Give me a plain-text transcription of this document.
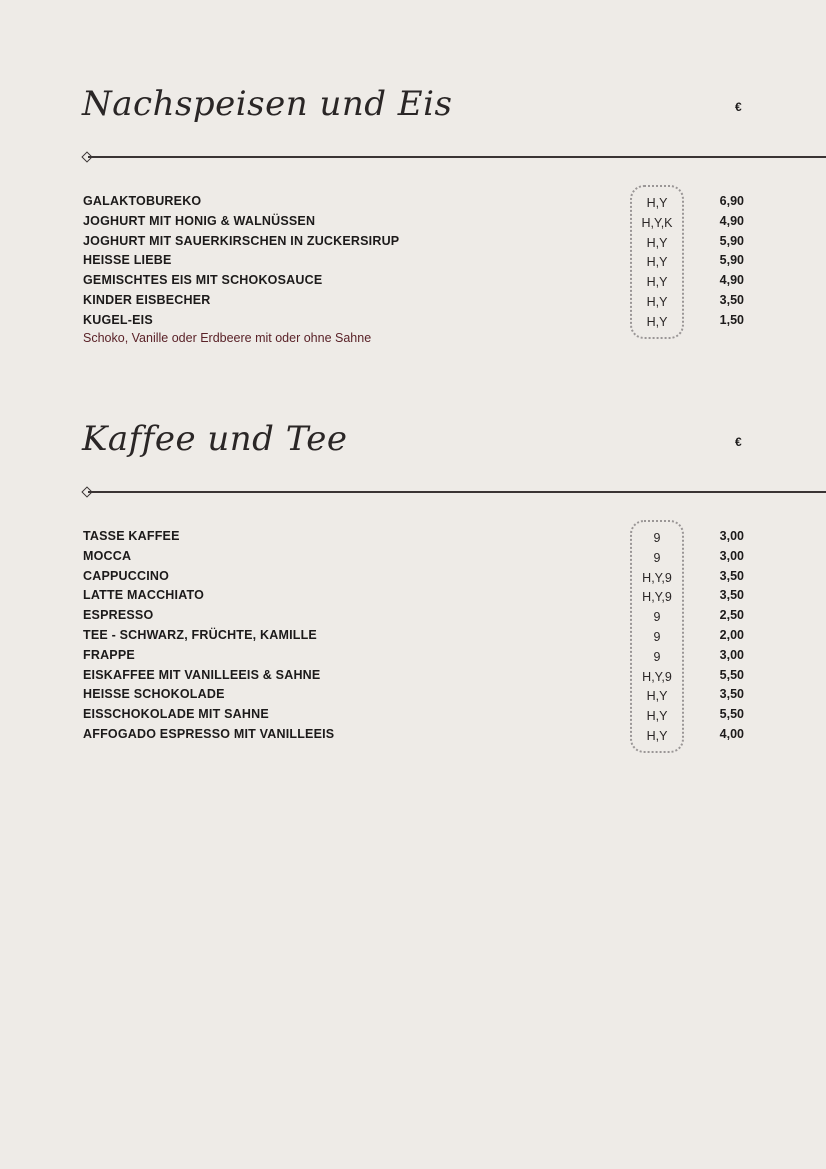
Nachspeisen und Eis	€
GALAKTOBUREKO	H,Y	6,90
JOGHURT MIT HONIG & WALNÜSSEN	H,Y,K	4,90
JOGHURT MIT SAUERKIRSCHEN IN ZUCKERSIRUP	H,Y	5,90
HEISSE LIEBE	H,Y	5,90
GEMISCHTES EIS MIT SCHOKOSAUCE	H,Y	4,90
KINDER EISBECHER	H,Y	3,50
KUGEL-EIS	H,Y	1,50
Schoko, Vanille oder Erdbeere mit oder ohne Sahne
Kaffee und Tee	€
TASSE KAFFEE	9	3,00
MOCCA	9	3,00
CAPPUCCINO	H,Y,9	3,50
LATTE MACCHIATO	H,Y,9	3,50
ESPRESSO	9	2,50
TEE - SCHWARZ, FRÜCHTE, KAMILLE	9	2,00
FRAPPE	9	3,00
EISKAFFEE MIT VANILLEEIS & SAHNE	H,Y,9	5,50
HEISSE SCHOKOLADE	H,Y	3,50
EISSCHOKOLADE MIT SAHNE	H,Y	5,50
AFFOGADO ESPRESSO MIT VANILLEEIS	H,Y	4,00
